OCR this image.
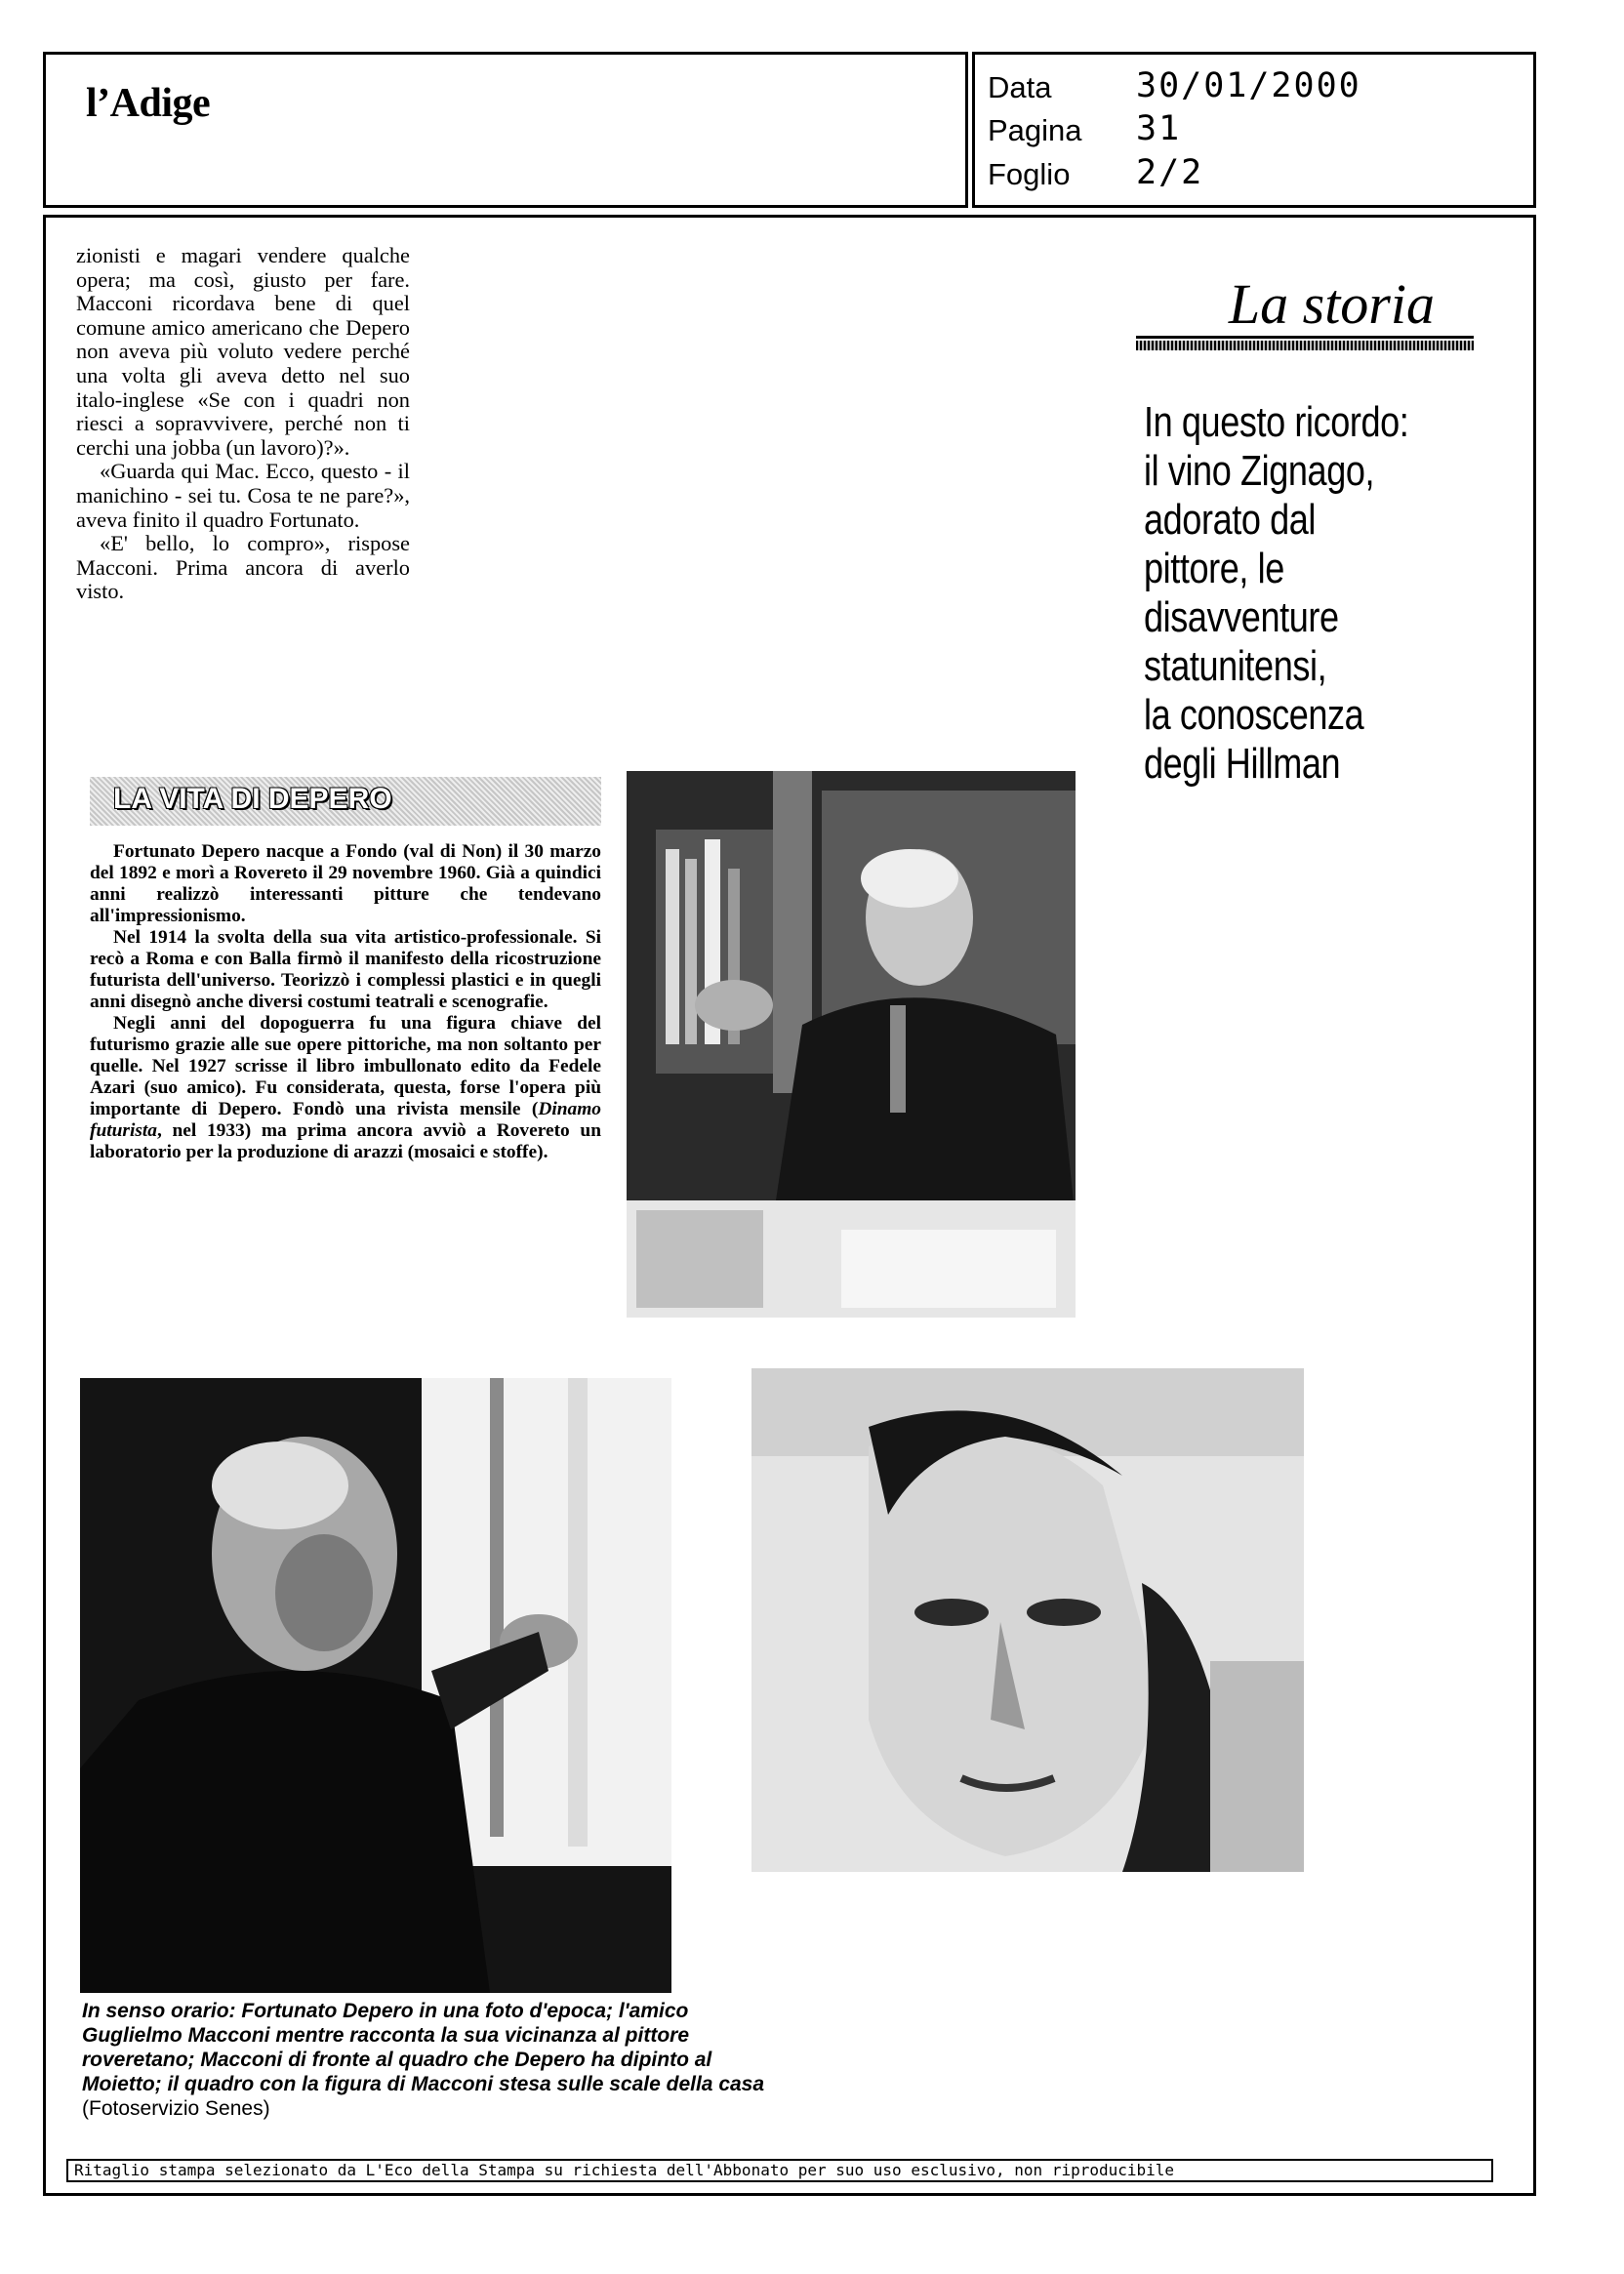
l’Adige	Data 30/01/2000
Pagina 31
Foglio 2/2

zionisti e magari vendere qualche opera; ma così, giusto per fare. Macconi ricordava bene di quel comune amico americano che Depero non aveva più voluto vedere perché una volta gli aveva detto nel suo italo-inglese «Se con i quadri non riesci a sopravvivere, perché non ti cerchi una jobba (un lavoro)?».

«Guarda qui Mac. Ecco, questo - il manichino - sei tu. Cosa te ne pare?», aveva finito il quadro Fortunato.

«E' bello, lo compro», rispose Macconi. Prima ancora di averlo visto.

La storia
In questo ricordo:
il vino Zignago,
adorato dal
pittore, le
disavventure
statunitensi,
la conoscenza
degli Hillman
LA VITA DI DEPERO

Fortunato Depero nacque a Fondo (val di Non) il 30 marzo del 1892 e morì a Rovereto il 29 novembre 1960. Già a quindici anni realizzò interessanti pitture che tendevano all'impressionismo.

Nel 1914 la svolta della sua vita artistico-professionale. Si recò a Roma e con Balla firmò il manifesto della ricostruzione futurista dell'universo. Teorizzò i complessi plastici e in quegli anni disegnò anche diversi costumi teatrali e scenografie.

Negli anni del dopoguerra fu una figura chiave del futurismo grazie alle sue opere pittoriche, ma non soltanto per quelle. Nel 1927 scrisse il libro imbullonato edito da Fedele Azari (suo amico). Fu considerata, questa, forse l'opera più importante di Depero. Fondò una rivista mensile (Dinamo futurista, nel 1933) ma prima ancora avviò a Rovereto un laboratorio per la produzione di arazzi (mosaici e stoffe).

In senso orario: Fortunato Depero in una foto d'epoca; l'amico Guglielmo Macconi mentre racconta la sua vicinanza al pittore roveretano; Macconi di fronte al quadro che Depero ha dipinto al Moietto; il quadro con la figura di Macconi stesa sulle scale della casa (Fotoservizio Senes)
Ritaglio stampa selezionato da L'Eco della Stampa su richiesta dell'Abbonato per suo uso esclusivo, non riproducibile
